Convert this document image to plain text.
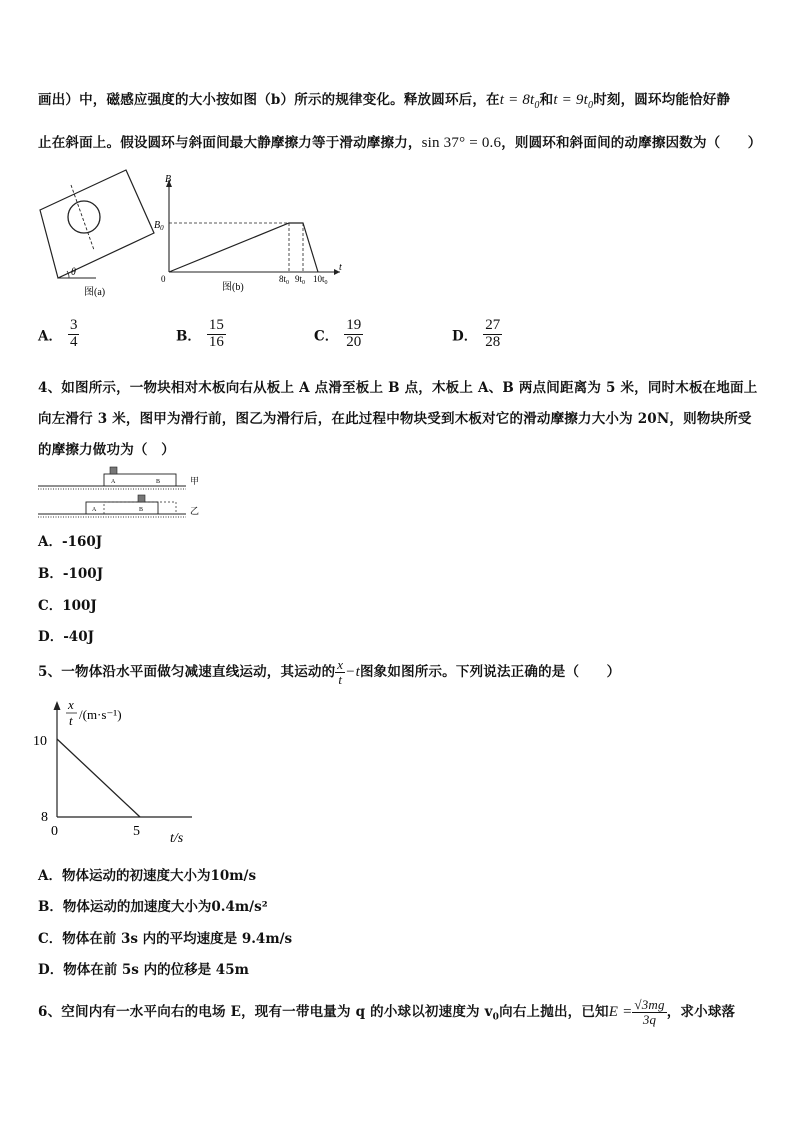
画出）中，磁感应强度的大小按如图（b）所示的规律变化。释放圆环后，在$t = 8t_0$和$t = 9t_0$时刻，圆环均能恰好静
止在斜面上。假设圆环与斜面间最大静摩擦力等于滑动摩擦力，sin 37° = 0.6，则圆环和斜面间的动摩擦因数为（　　）
θ
图(a)
B
t
$B_0$
0	$8t_0$ $9t_0$ $10t_0$
图(b)
A． $\frac{3}{4}$	B． $\frac{15}{16}$	C． $\frac{19}{20}$	D． $\frac{27}{28}$
4、如图所示，一物块相对木板向右从板上 A 点滑至板上 B 点，木板上 A、B 两点间距离为 5 米，同时木板在地面上
向左滑行 3 米，图甲为滑行前，图乙为滑行后，在此过程中物块受到木板对它的滑动摩擦力大小为 20N，则物块所受
的摩擦力做功为（　）
A	B	甲
A	B	乙
A．-160J
B．-100J
C．100J
D．-40J
5、一物体沿水平面做匀减速直线运动，其运动的 $\frac{x}{t} -t$图象如图所示。下列说法正确的是（　　）
x
t /(m·s⁻¹)
10
8
0	5 t/s
A．物体运动的初速度大小为10m/s
B．物体运动的加速度大小为0.4m/s²
C．物体在前 3s 内的平均速度是 9.4m/s
D．物体在前 5s 内的位移是 45m
6、空间内有一水平向右的电场 E，现有一带电量为 q 的小球以初速度为 $v_0$向右上抛出，已知$E = \frac{√3mg}{3q}$ ，求小球落
